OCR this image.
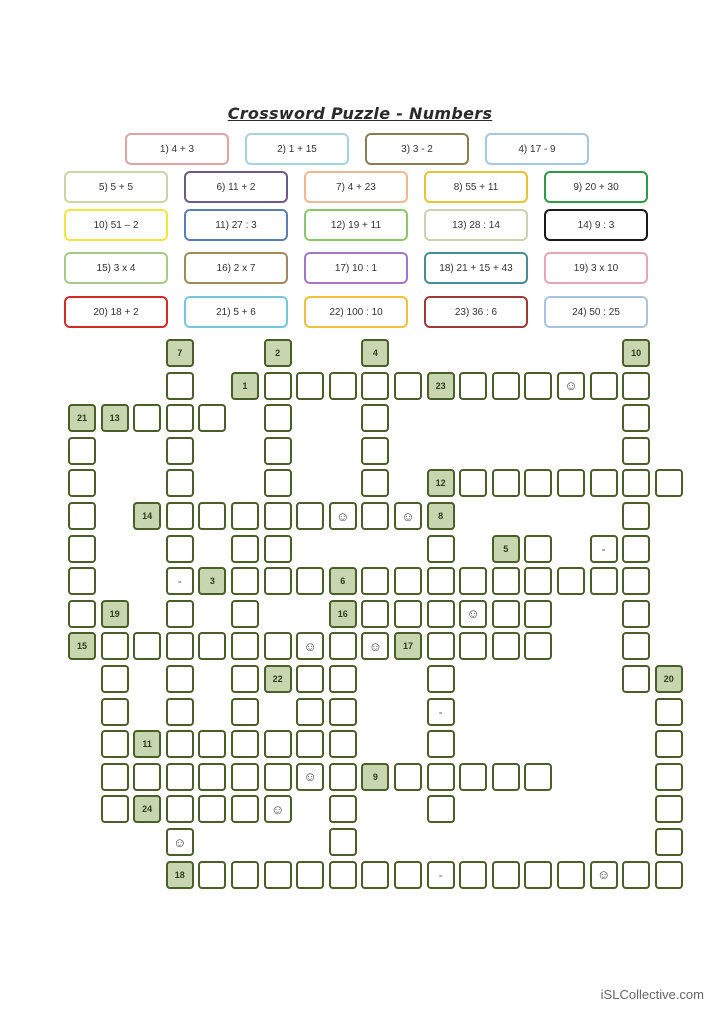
Crossword Puzzle - Numbers
1) 4 + 3	2) 1 + 15	3) 3 - 2	4) 17 - 9
5) 5 + 5	6) 11 + 2	7) 4 + 23	8) 55 + 11	9) 20 + 30
10) 51 – 2	11) 27 : 3	12) 19 + 11	13) 28 : 14	14) 9 : 3
15) 3 x 4	16) 2 x 7	17) 10 : 1	18) 21 + 15 + 43	19) 3 x 10
20) 18 + 2	21) 5 + 6	22) 100 : 10	23) 36 : 6	24) 50 : 25
7
-
2	4	10
21
15
6
16
8
-
20
17
☺
☺
1	23	☺
13
12
14	☺	☺
3
☺	☺
11
9
24	☺
18	-	☺
☺
5
19
22
-
iSLCollective.com
